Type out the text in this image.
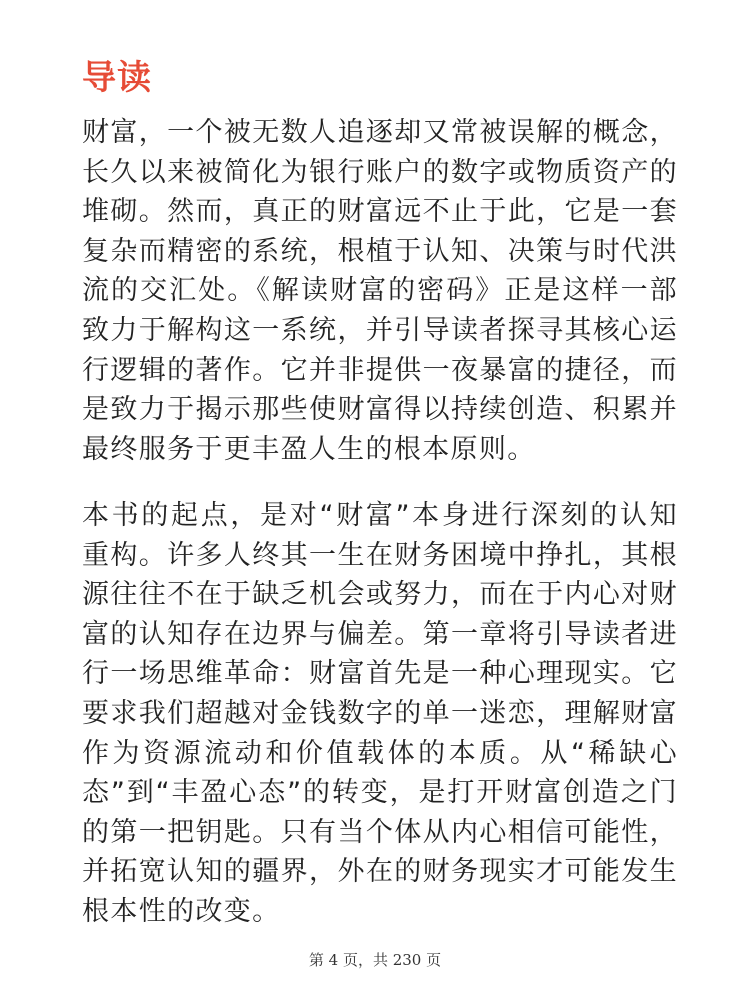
导读

财富，一个被无数人追逐却又常被误解的概念，长久以来被简化为银行账户的数字或物质资产的堆砌。然而，真正的财富远不止于此，它是一套复杂而精密的系统，根植于认知、决策与时代洪流的交汇处。《解读财富的密码》正是这样一部致力于解构这一系统，并引导读者探寻其核心运行逻辑的著作。它并非提供一夜暴富的捷径，而是致力于揭示那些使财富得以持续创造、积累并最终服务于更丰盈人生的根本原则。

本书的起点，是对“财富”本身进行深刻的认知重构。许多人终其一生在财务困境中挣扎，其根源往往不在于缺乏机会或努力，而在于内心对财富的认知存在边界与偏差。第一章将引导读者进行一场思维革命：财富首先是一种心理现实。它要求我们超越对金钱数字的单一迷恋，理解财富作为资源流动和价值载体的本质。从“稀缺心态”到“丰盈心态”的转变，是打开财富创造之门的第一把钥匙。只有当个体从内心相信可能性，并拓宽认知的疆界，外在的财务现实才可能发生根本性的改变。

第 4 页，共 230 页
